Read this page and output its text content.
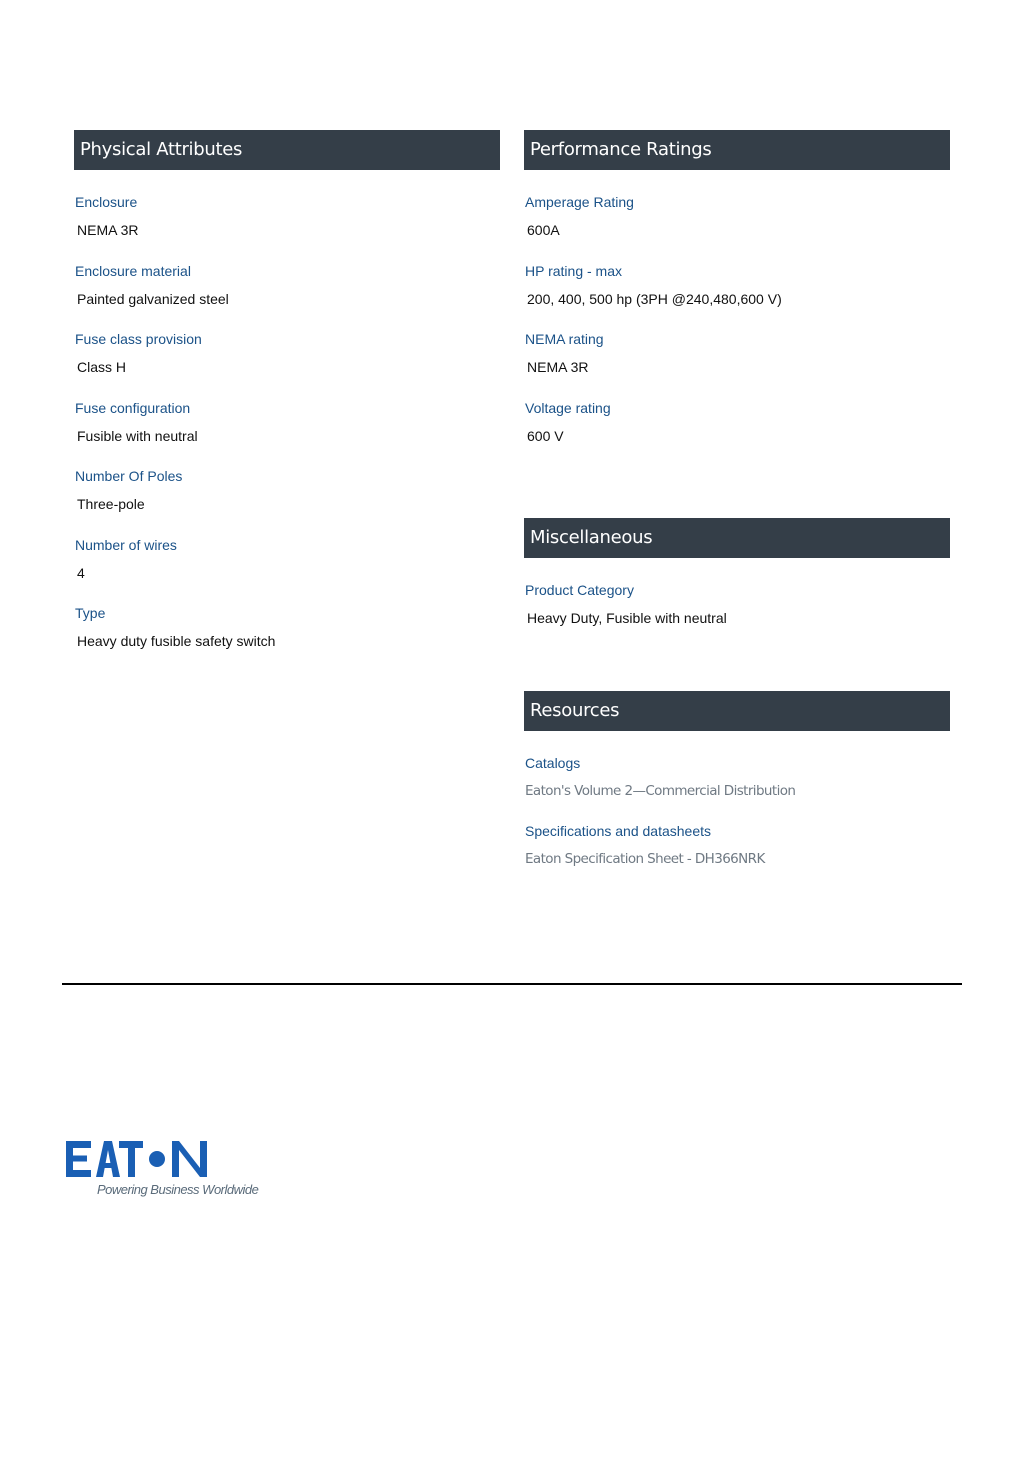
Physical Attributes
Enclosure
NEMA 3R
Enclosure material
Painted galvanized steel
Fuse class provision
Class H
Fuse configuration
Fusible with neutral
Number Of Poles
Three-pole
Number of wires
4
Type
Heavy duty fusible safety switch
Performance Ratings
Amperage Rating
600A
HP rating - max
200, 400, 500 hp (3PH @240,480,600 V)
NEMA rating
NEMA 3R
Voltage rating
600 V
Miscellaneous
Product Category
Heavy Duty, Fusible with neutral
Resources
Catalogs
Eaton's Volume 2—Commercial Distribution
Specifications and datasheets
Eaton Specification Sheet - DH366NRK
Powering Business Worldwide
